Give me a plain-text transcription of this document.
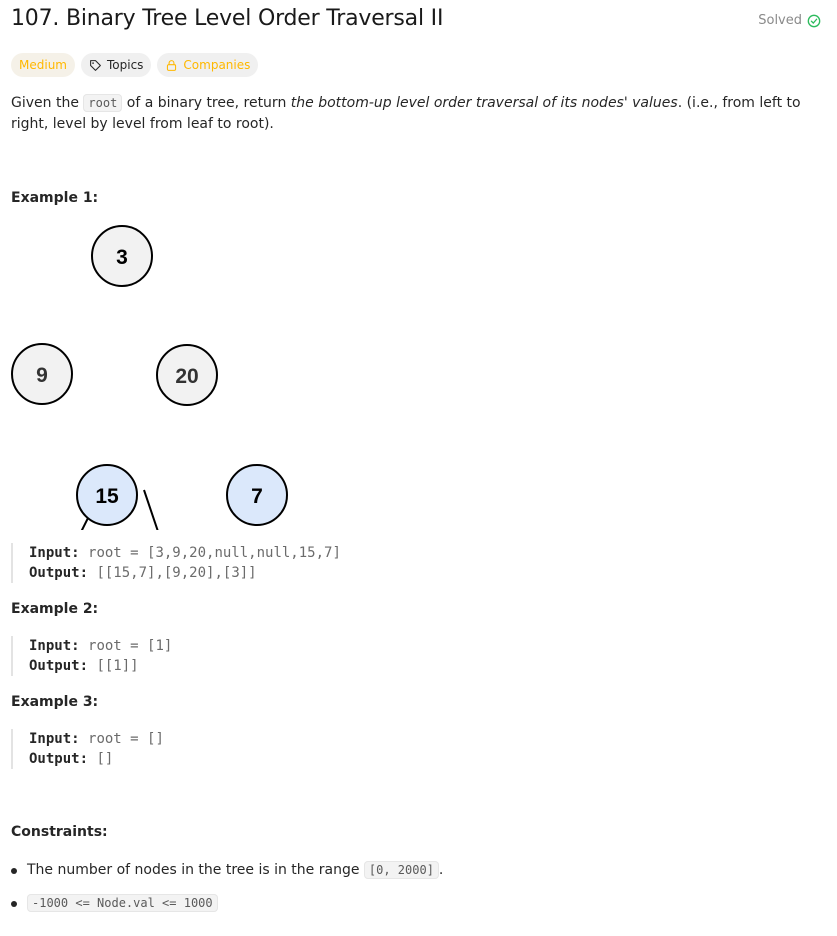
107. Binary Tree Level Order Traversal II	Solved
Medium	Topics	Companies
Given the root of a binary tree, return the bottom-up level order traversal of its nodes' values. (i.e., from left to right, level by level from leaf to root).
Example 1:
3
9	20
15	7
Input: root = [3,9,20,null,null,15,7]
Output: [[15,7],[9,20],[3]]
Example 2:
Input: root = [1]
Output: [[1]]
Example 3:
Input: root = []
Output: []
Constraints:
The number of nodes in the tree is in the range [0, 2000] .
-1000 <= Node.val <= 1000
